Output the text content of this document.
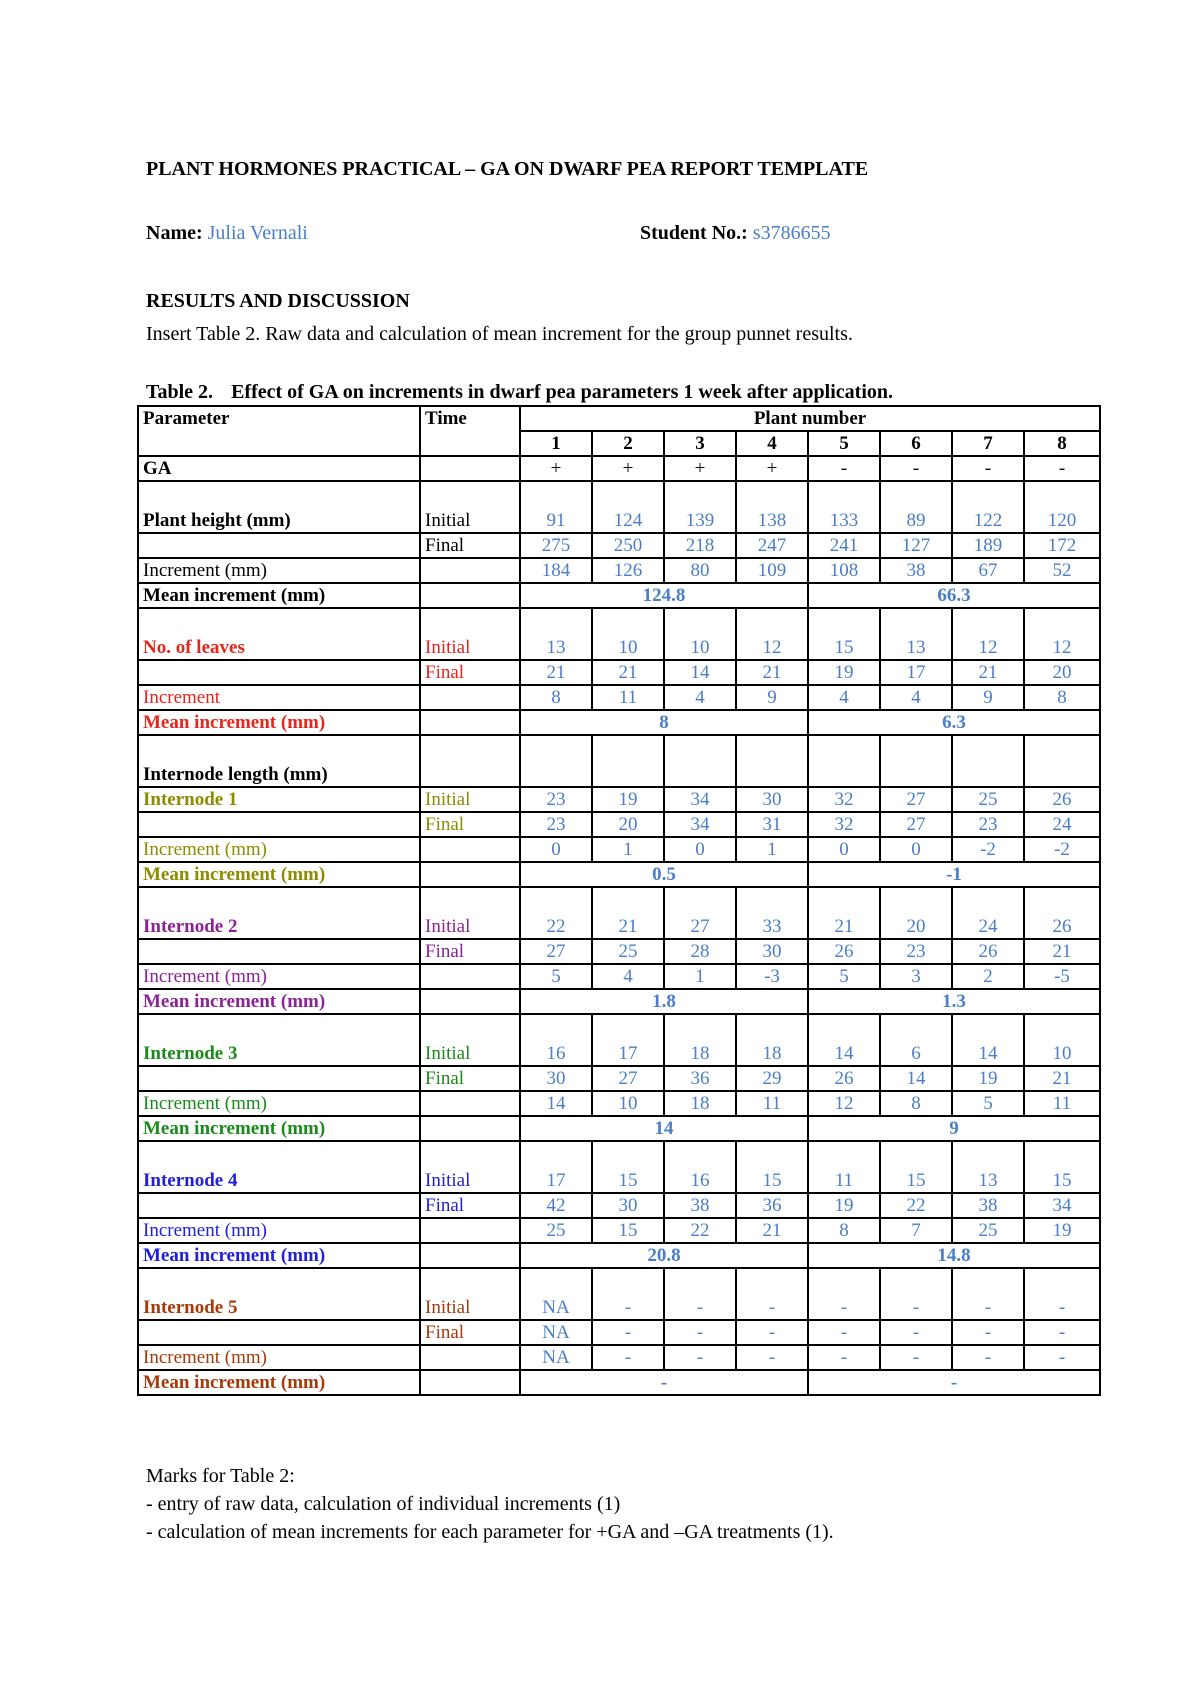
PLANT HORMONES PRACTICAL – GA ON DWARF PEA REPORT TEMPLATE
Name: Julia Vernali	Student No.: s3786655
RESULTS AND DISCUSSION
Insert Table 2. Raw data and calculation of mean increment for the group punnet results.
Table 2. Effect of GA on increments in dwarf pea parameters 1 week after application.
Parameter	Time	Plant number							
		1	2	3	4	5	6	7	8
GA		+	+	+	+	-	-	-	-
Plant height (mm)	Initial	91	124	139	138	133	89	122	120
	Final	275	250	218	247	241	127	189	172
Increment (mm)		184	126	80	109	108	38	67	52
Mean increment (mm)		124.8				66.3			
No. of leaves	Initial	13	10	10	12	15	13	12	12
	Final	21	21	14	21	19	17	21	20
Increment		8	11	4	9	4	4	9	8
Mean increment (mm)		8				6.3			
Internode length (mm)									
Internode 1	Initial	23	19	34	30	32	27	25	26
	Final	23	20	34	31	32	27	23	24
Increment (mm)		0	1	0	1	0	0	-2	-2
Mean increment (mm)		0.5				-1			
Internode 2	Initial	22	21	27	33	21	20	24	26
	Final	27	25	28	30	26	23	26	21
Increment (mm)		5	4	1	-3	5	3	2	-5
Mean increment (mm)		1.8				1.3			
Internode 3	Initial	16	17	18	18	14	6	14	10
	Final	30	27	36	29	26	14	19	21
Increment (mm)		14	10	18	11	12	8	5	11
Mean increment (mm)		14				9			
Internode 4	Initial	17	15	16	15	11	15	13	15
	Final	42	30	38	36	19	22	38	34
Increment (mm)		25	15	22	21	8	7	25	19
Mean increment (mm)		20.8				14.8			
Internode 5	Initial	NA	-	-	-	-	-	-	-
	Final	NA	-	-	-	-	-	-	-
Increment (mm)		NA	-	-	-	-	-	-	-
Mean increment (mm)		-				-			
Marks for Table 2:
- entry of raw data, calculation of individual increments (1)
- calculation of mean increments for each parameter for +GA and –GA treatments (1).
